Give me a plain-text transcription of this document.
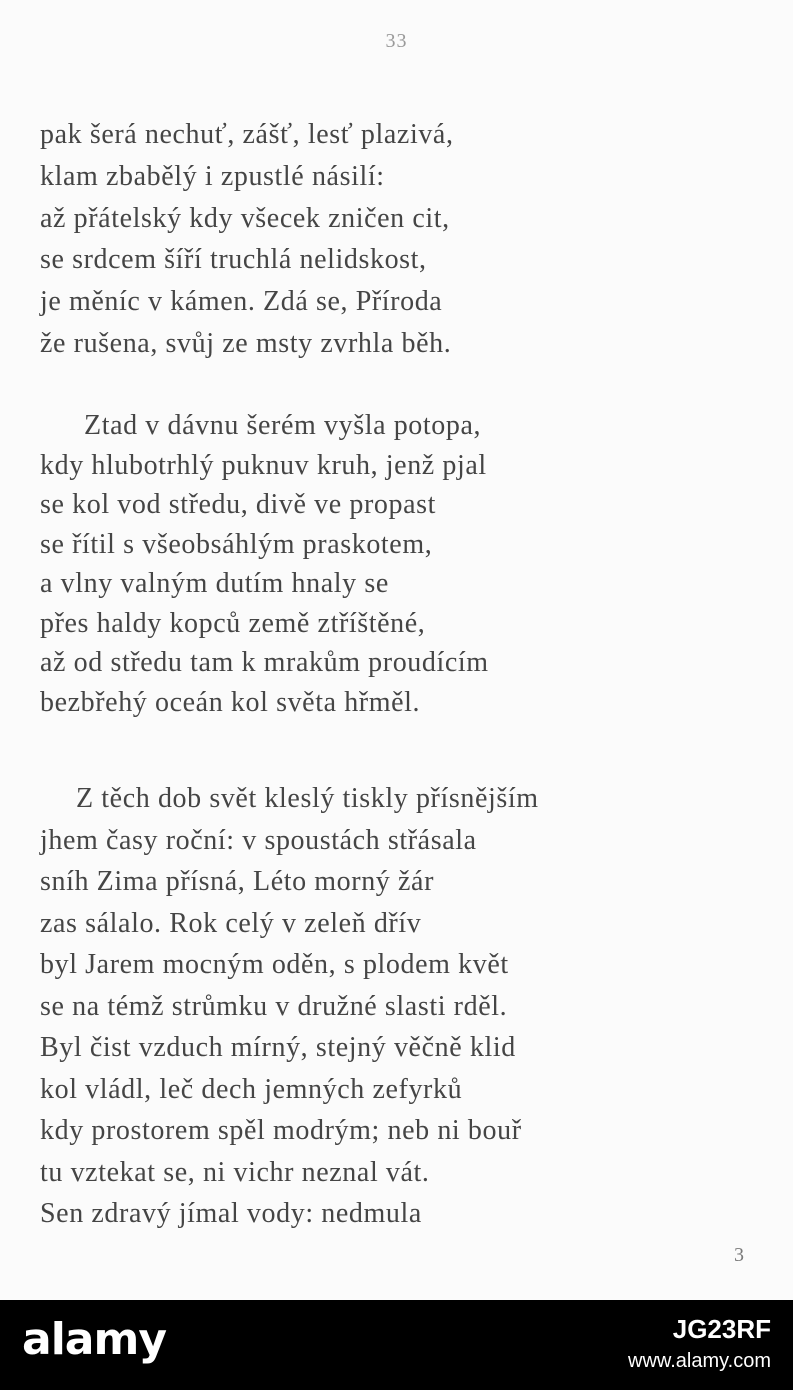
33
pak šerá nechuť, zášť, lesť plazivá,
klam zbabělý i zpustlé násilí:
až přátelský kdy všecek zničen cit,
se srdcem šíří truchlá nelidskost,
je měníc v kámen. Zdá se, Příroda
že rušena, svůj ze msty zvrhla běh.
Ztad v dávnu šerém vyšla potopa,
kdy hlubotrhlý puknuv kruh, jenž pjal
se kol vod středu, divě ve propast
se řítil s všeobsáhlým praskotem,
a vlny valným dutím hnaly se
přes haldy kopců země ztříštěné,
až od středu tam k mrakům proudícím
bezbřehý oceán kol světa hřměl.
Z těch dob svět kleslý tiskly přísnějším
jhem časy roční: v spoustách střásala
sníh Zima přísná, Léto morný žár
zas sálalo. Rok celý v zeleň dřív
byl Jarem mocným oděn, s plodem květ
se na témž strůmku v družné slasti rděl.
Byl čist vzduch mírný, stejný věčně klid
kol vládl, leč dech jemných zefyrků
kdy prostorem spěl modrým; neb ni bouř
tu vztekat se, ni vichr neznal vát.
Sen zdravý jímal vody: nedmula
3
alamy	JG23RF
www.alamy.com
